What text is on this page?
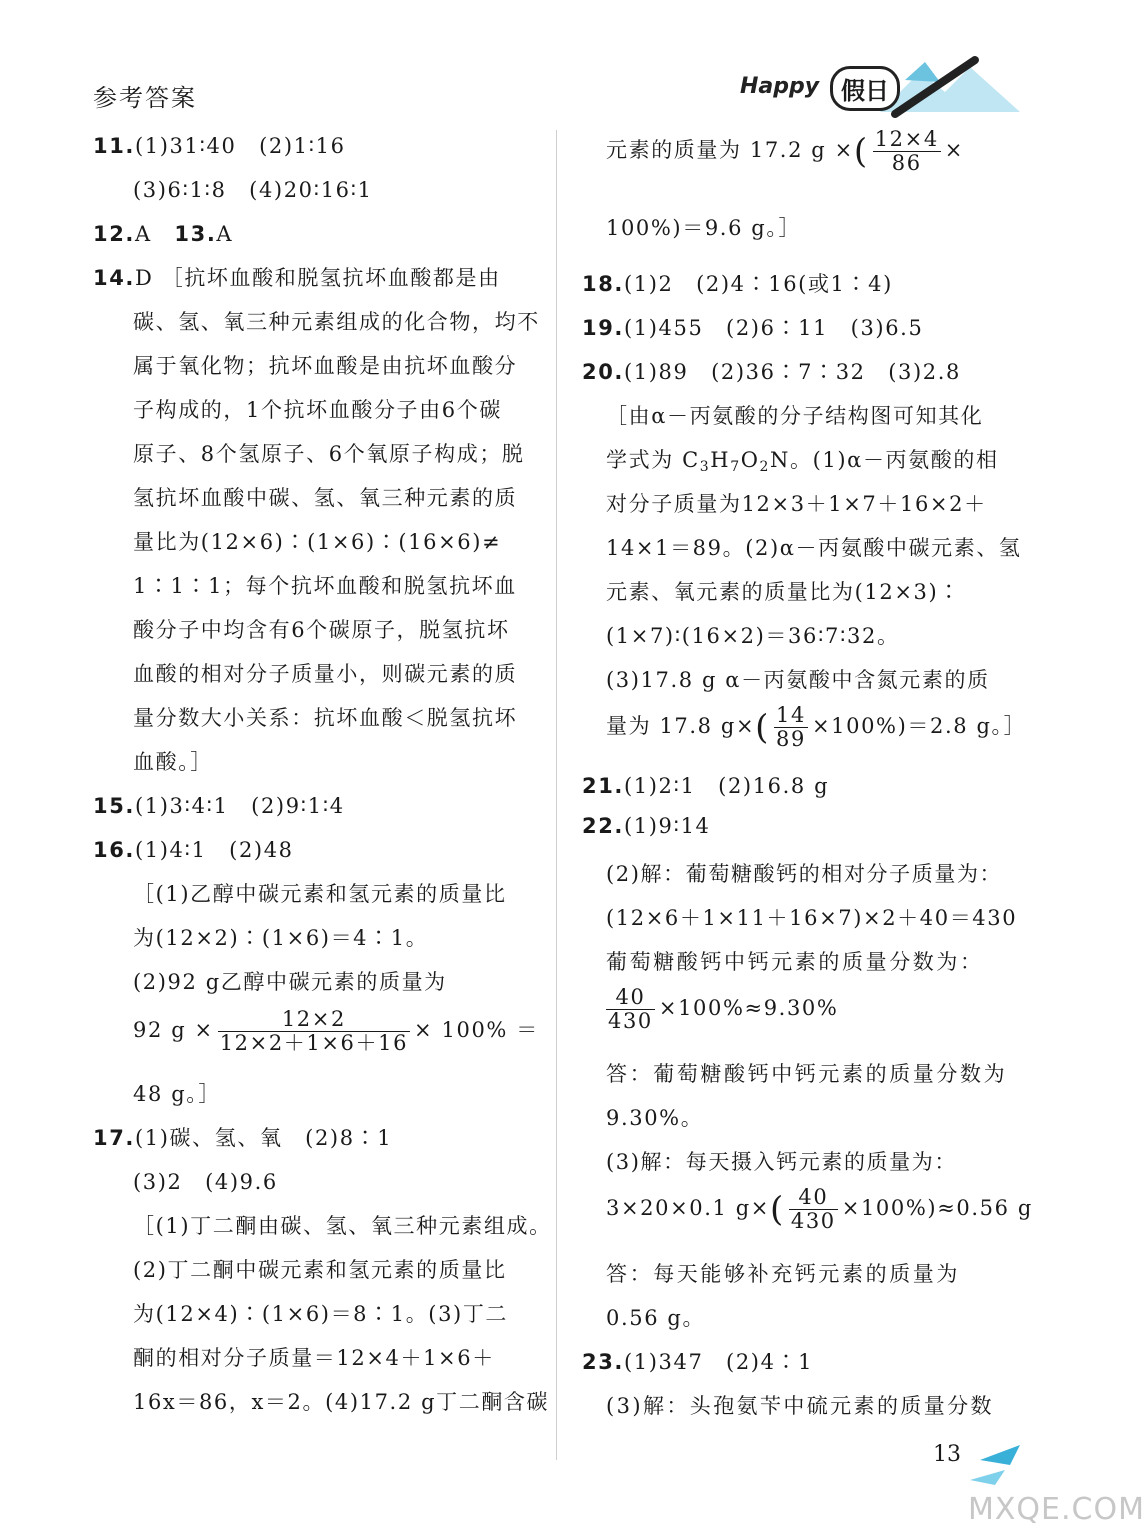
参考答案	Happy 假日
11.(1)31∶40　(2)1∶16
(3)6∶1∶8　(4)20∶16∶1
12.A　 13.A
14.D ［抗坏血酸和脱氢抗坏血酸都是由
碳、氢、氧三种元素组成的化合物，均不
属于氧化物；抗坏血酸是由抗坏血酸分
子构成的，1个抗坏血酸分子由6个碳
原子、8个氢原子、6个氧原子构成；脱
氢抗坏血酸中碳、氢、氧三种元素的质
量比为(12×6)∶(1×6)∶(16×6)≠
1∶1∶1；每个抗坏血酸和脱氢抗坏血
酸分子中均含有6个碳原子，脱氢抗坏
血酸的相对分子质量小，则碳元素的质
量分数大小关系：抗坏血酸＜脱氢抗坏
血酸。］
15.(1)3∶4∶1　(2)9∶1∶4
16.(1)4∶1　(2)48
［(1)乙醇中碳元素和氢元素的质量比
为(12×2)∶(1×6)＝4∶1。
(2)92 g乙醇中碳元素的质量为
92 $g \times \frac{12\times 2}{12\times 2+1\times 6+16} \times 100\%$ ＝
48 g。］
17.(1)碳、氢、氧　(2)8∶1
(3)2　(4)9.6
［(1)丁二酮由碳、氢、氧三种元素组成。
(2)丁二酮中碳元素和氢元素的质量比
为(12×4)∶(1×6)＝8∶1。(3)丁二
酮的相对分子质量＝12×4＋1×6＋
16x＝86，x＝2。(4)17.2 g丁二酮含碳
元素的质量为 17.2 g ×( $\frac{12\times 4}{86}$ ×
100%)＝9.6 g。］
18.(1)2　(2)4∶16(或1∶4)
19.(1)455　(2)6∶11　(3)6.5
20.(1)89　(2)36∶7∶32　(3)2.8
［由α－丙氨酸的分子结构图可知其化
学式为 $C_3H_7O_2N$。(1)α－丙氨酸的相
对分子质量为12×3＋1×7＋16×2＋
14×1＝89。(2)α－丙氨酸中碳元素、氢
元素、氧元素的质量比为(12×3)∶
(1×7)∶(16×2)＝36∶7∶32。
(3)17.8 g α－丙氨酸中含氮元素的质
量为 17.8 $g\times( \frac{14}{89} \times 100\%)=2.8$ g。］
21.(1)2∶1　(2)16.8 g
22.(1)9∶14
(2)解：葡萄糖酸钙的相对分子质量为：
(12×6＋1×11＋16×7)×2＋40＝430
葡萄糖酸钙中钙元素的质量分数为：
$\frac{40}{430} \times 100\%\approx 9.30\%$
答：葡萄糖酸钙中钙元素的质量分数为
9.30%。
(3)解：每天摄入钙元素的质量为：
3×20×0.1 $g\times( \frac{40}{430} \times 100\%)\approx 0.56$ g
答：每天能够补充钙元素的质量为
0.56 g。
23.(1)347　(2)4∶1
(3)解：头孢氨苄中硫元素的质量分数
13
MXQE.COM
